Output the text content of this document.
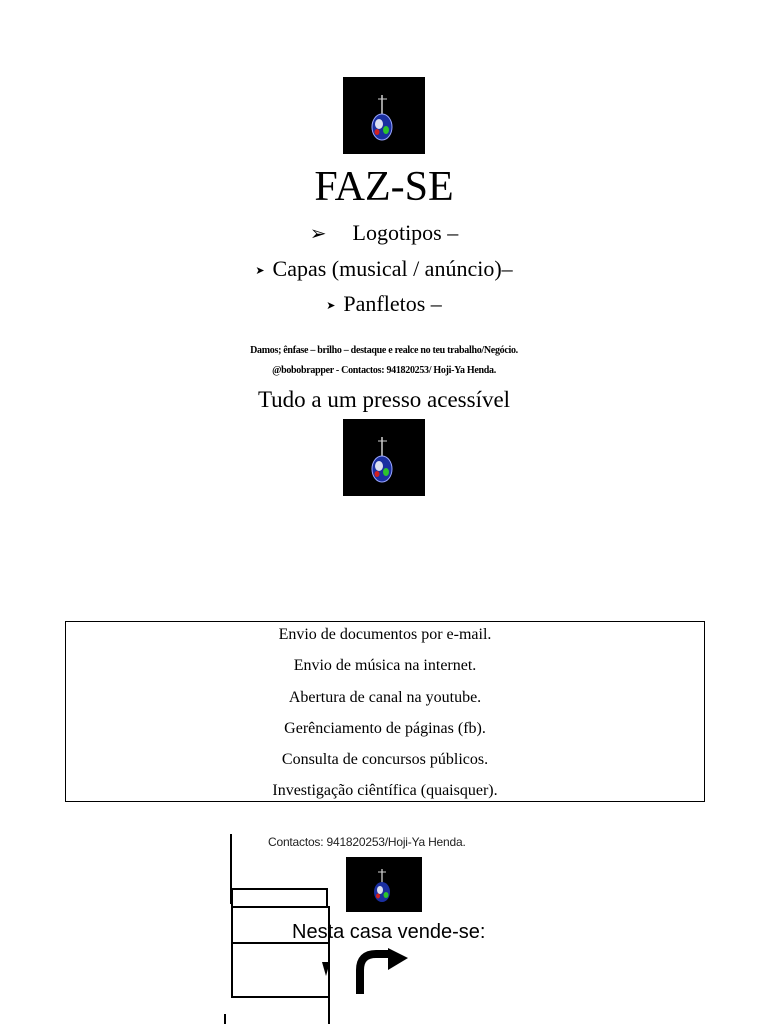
FAZ-SE
➢ Logotipos –
➤ Capas (musical / anúncio)–
➤ Panfletos –
Damos; ênfase – brilho – destaque e realce no teu trabalho/Negócio.
@bobobrapper - Contactos: 941820253/ Hoji-Ya Henda.
Tudo a um presso acessível
Envio de documentos por e-mail.
Envio de música na internet.
Abertura de canal na youtube.
Gerênciamento de páginas (fb).
Consulta de concursos públicos.
Investigação ciêntífica (quaisquer).
Contactos: 941820253/Hoji-Ya Henda.
Nesta casa vende-se:
